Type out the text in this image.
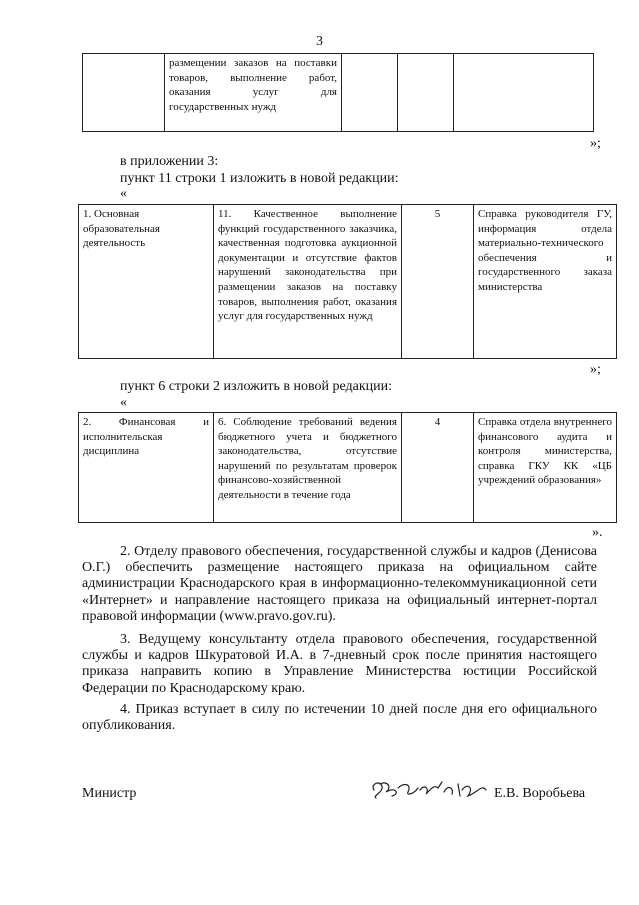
3
	размещении заказов на поставки товаров, выполнение работ, оказания услуг для государственных нужд			
»;
в приложении 3:
пункт 11 строки 1 изложить в новой редакции:
«
1. Основная образовательная деятельность	11. Качественное выполнение функций государственного заказчика, качественная подготовка аукционной документации и отсутствие фактов нарушений законодательства при размещении заказов на поставку товаров, выполнения работ, оказания услуг для государственных нужд	5	Справка руководителя ГУ, информация отдела материально-технического обеспечения и государственного заказа министерства
»;
пункт 6 строки 2 изложить в новой редакции:
«
2. Финансовая и исполнительская дисциплина	6. Соблюдение требований ведения бюджетного учета и бюджетного законодательства, отсутствие нарушений по результатам проверок финансово-хозяйственной деятельности в течение года	4	Справка отдела внутреннего финансового аудита и контроля министерства, справка ГКУ КК «ЦБ учреждений образования»
».
2. Отделу правового обеспечения, государственной службы и кадров (Денисова О.Г.) обеспечить размещение настоящего приказа на официальном сайте администрации Краснодарского края в информационно-телекоммуникационной сети «Интернет» и направление настоящего приказа на официальный интернет-портал правовой информации (www.pravo.gov.ru).
3. Ведущему консультанту отдела правового обеспечения, государственной службы и кадров Шкуратовой И.А. в 7-дневный срок после принятия настоящего приказа направить копию в Управление Министерства юстиции Российской Федерации по Краснодарскому краю.
4. Приказ вступает в силу по истечении 10 дней после дня его официального опубликования.
Министр	Е.В. Воробьева
